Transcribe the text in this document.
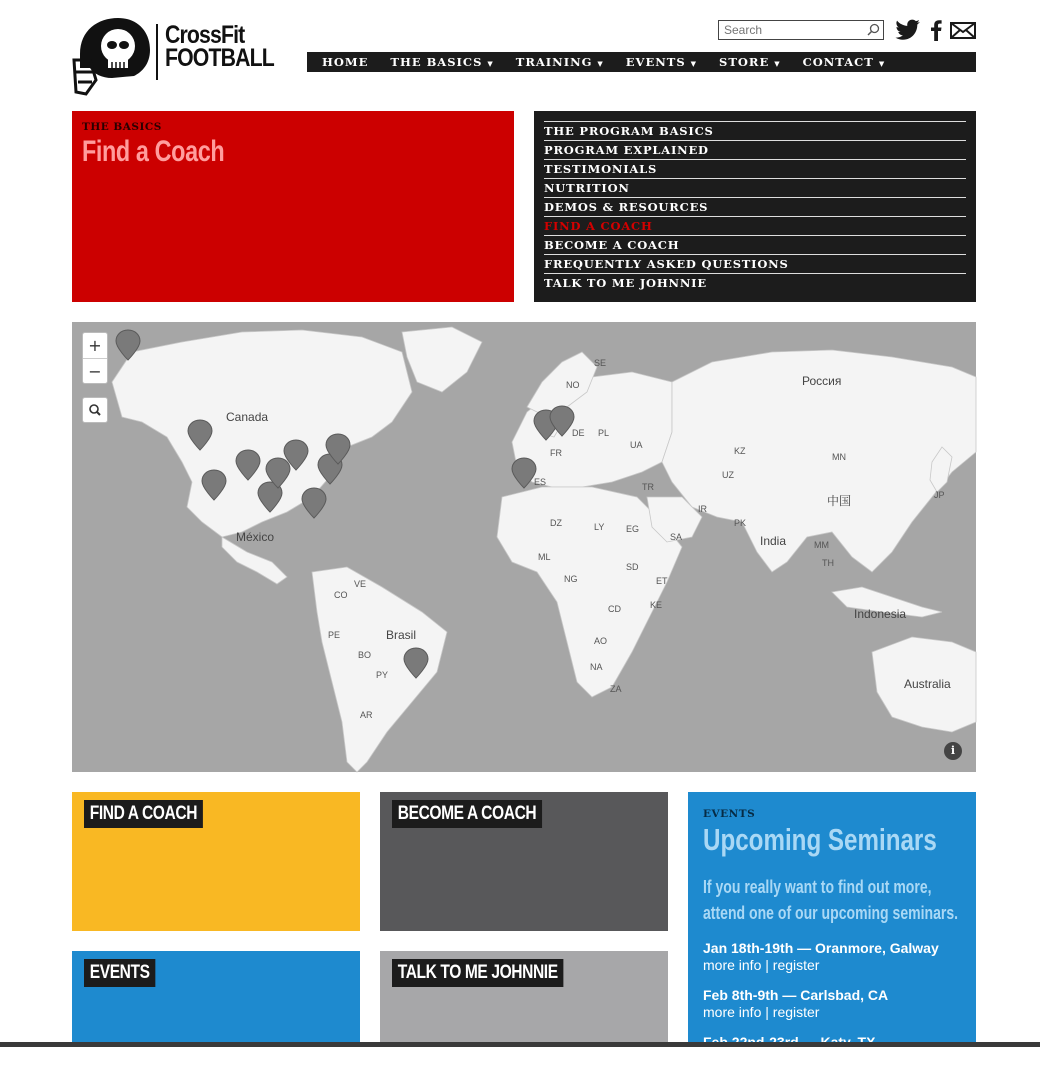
CrossFit
FOOTBALL
Search	HOME THE BASICS ▼ TRAINING ▼ EVENTS ▼ STORE ▼ CONTACT ▼
THE BASICS
Find a Coach
THE PROGRAM BASICS
PROGRAM EXPLAINED
TESTIMONIALS
NUTRITION
DEMOS & RESOURCES
FIND A COACH
BECOME A COACH
FREQUENTLY ASKED QUESTIONS
TALK TO ME JOHNNIE
Canada
Россия
México
Brasil
India
中国
Indonesia
Australia
SE
NO
PL
DE
FR
ES
UA
KZ
MN
UZ
TR
IR
PK
DZ	LY EG
SA
ML
NG
SD
ET
KE
CD
AO
NA
ZA
VE
CO
PE
BO
PY
AR
MM
TH
JP
+
−
i
FIND A COACH	BECOME A COACH
EVENTS	TALK TO ME JOHNNIE
EVENTS
Upcoming Seminars
If you really want to find out more, attend one of our upcoming seminars.
Jan 18th-19th — Oranmore, Galway
more info | register
Feb 8th-9th — Carlsbad, CA
more info | register
more info | register
